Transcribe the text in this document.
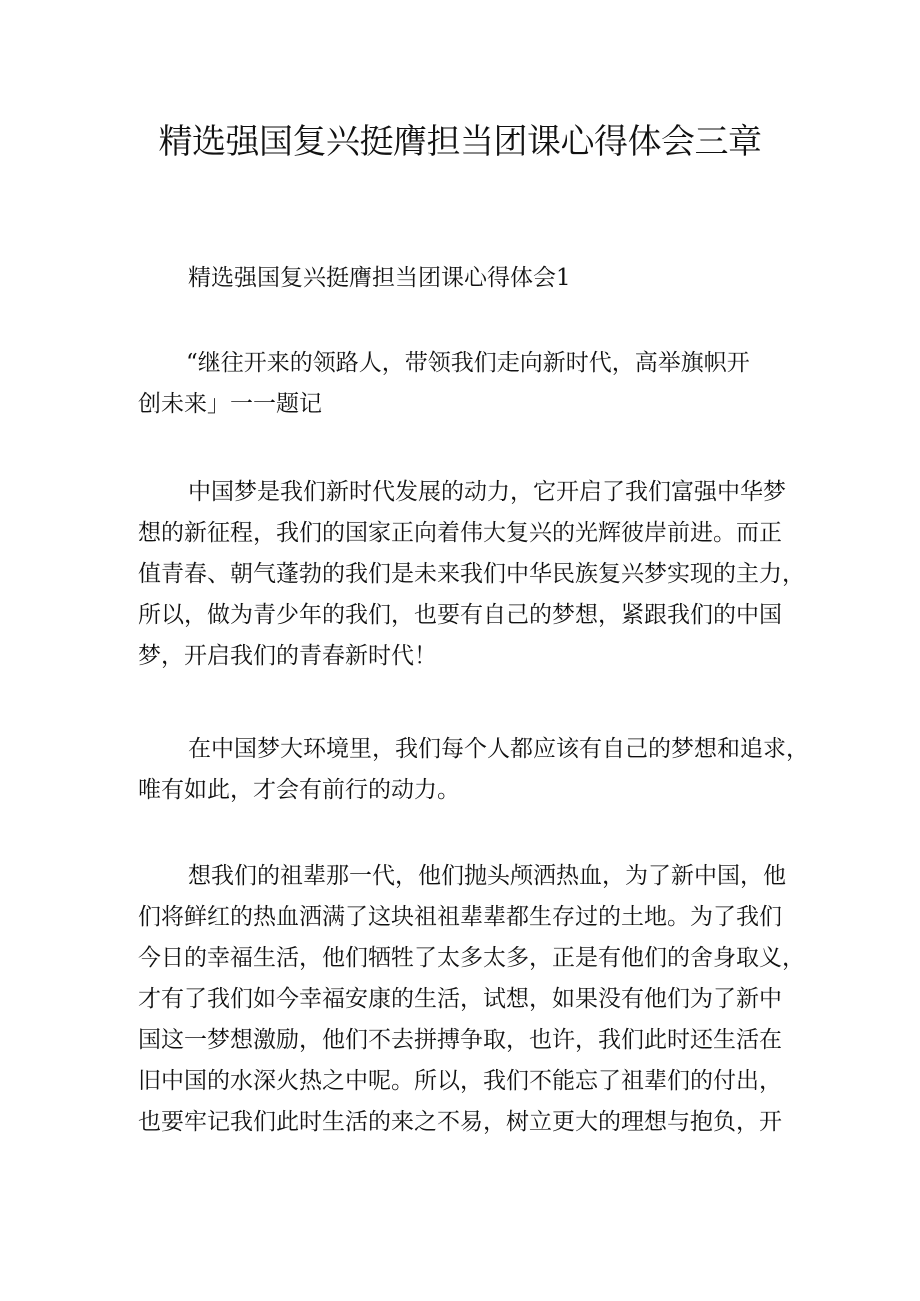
精选强国复兴挺膺担当团课心得体会三章

精选强国复兴挺膺担当团课心得体会1

“继往开来的领路人，带领我们走向新时代，高举旗帜开
创未来」一一题记
中国梦是我们新时代发展的动力，它开启了我们富强中华梦
想的新征程，我们的国家正向着伟大复兴的光辉彼岸前进。而正
值青春、朝气蓬勃的我们是未来我们中华民族复兴梦实现的主力，
所以，做为青少年的我们，也要有自己的梦想，紧跟我们的中国
梦，开启我们的青春新时代！
在中国梦大环境里，我们每个人都应该有自己的梦想和追求，
唯有如此，才会有前行的动力。
想我们的祖辈那一代，他们抛头颅洒热血，为了新中国，他
们将鲜红的热血洒满了这块祖祖辈辈都生存过的土地。为了我们
今日的幸福生活，他们牺牲了太多太多，正是有他们的舍身取义，
才有了我们如今幸福安康的生活，试想，如果没有他们为了新中
国这一梦想激励，他们不去拼搏争取，也许，我们此时还生活在
旧中国的水深火热之中呢。所以，我们不能忘了祖辈们的付出，
也要牢记我们此时生活的来之不易，树立更大的理想与抱负，开
